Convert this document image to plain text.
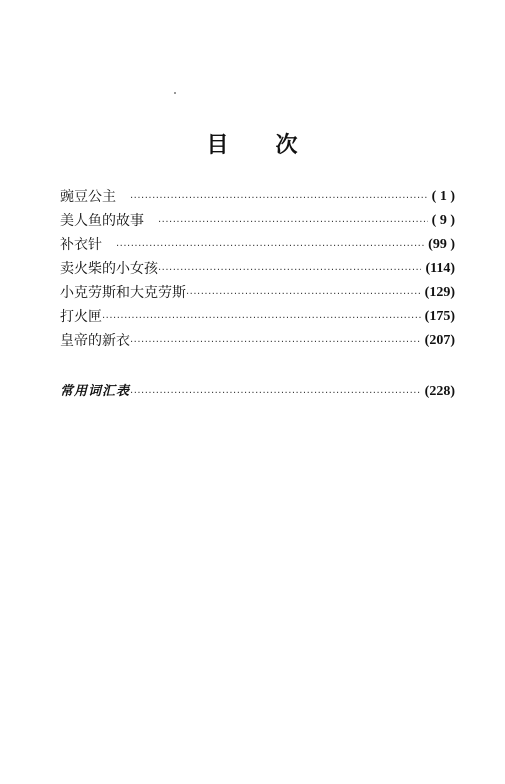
目 次
豌豆公主 ·····	( 1 )
美人鱼的故事 ·····	( 9 )
补衣针 ·····	(99 )
卖火柴的小女孩 ·····	(114)
小克劳斯和大克劳斯 ·····	(129)
打火匣 ·····	(175)
皇帝的新衣 ·····	(207)
常用词汇表 ·····	(228)
